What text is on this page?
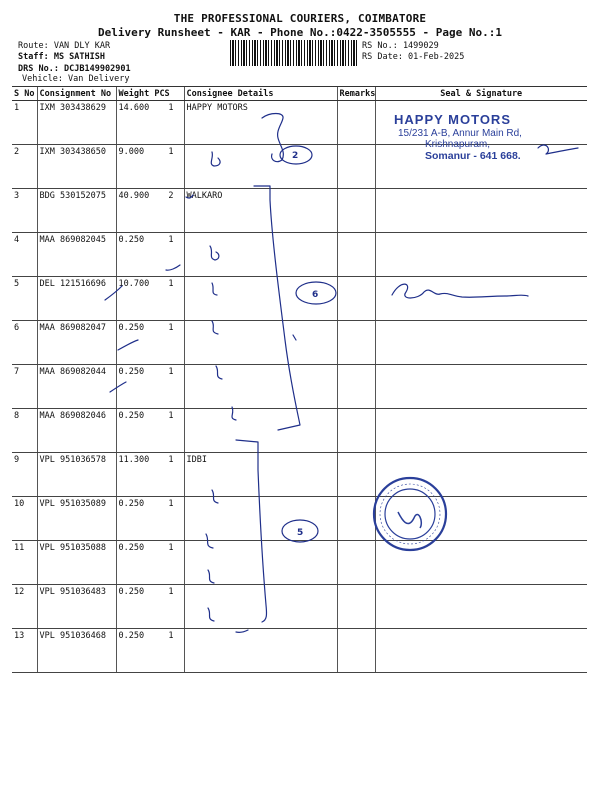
THE PROFESSIONAL COURIERS, COIMBATORE
Delivery Runsheet - KAR - Phone No.:0422-3505555 - Page No.:1
Route: VAN DLY KAR
Staff: MS SATHISH
DRS No.: DCJB149902901
Vehicle: Van Delivery
RS No.: 1499029
RS Date: 01-Feb-2025
S No	Consignment No	Weight PCS	Consignee Details	Remarks	Seal & Signature
1	IXM 303438629	14.600 1	HAPPY MOTORS		
2	IXM 303438650	9.000 1			

3	BDG 530152075	40.900 2	WALKARO		
4	MAA 869082045	0.250 1			

5	DEL 121516696	10.700 1			

6	MAA 869082047	0.250 1			

7	MAA 869082044	0.250 1			

8	MAA 869082046	0.250 1			

9	VPL 951036578	11.300 1	IDBI		
10	VPL 951035089	0.250 1			

11	VPL 951035088	0.250 1			

12	VPL 951036483	0.250 1			

13	VPL 951036468	0.250 1			

HAPPY MOTORS
15/231 A-B, Annur Main Rd,
Krishnapuram,
Somanur - 641 668.
2
6
5
